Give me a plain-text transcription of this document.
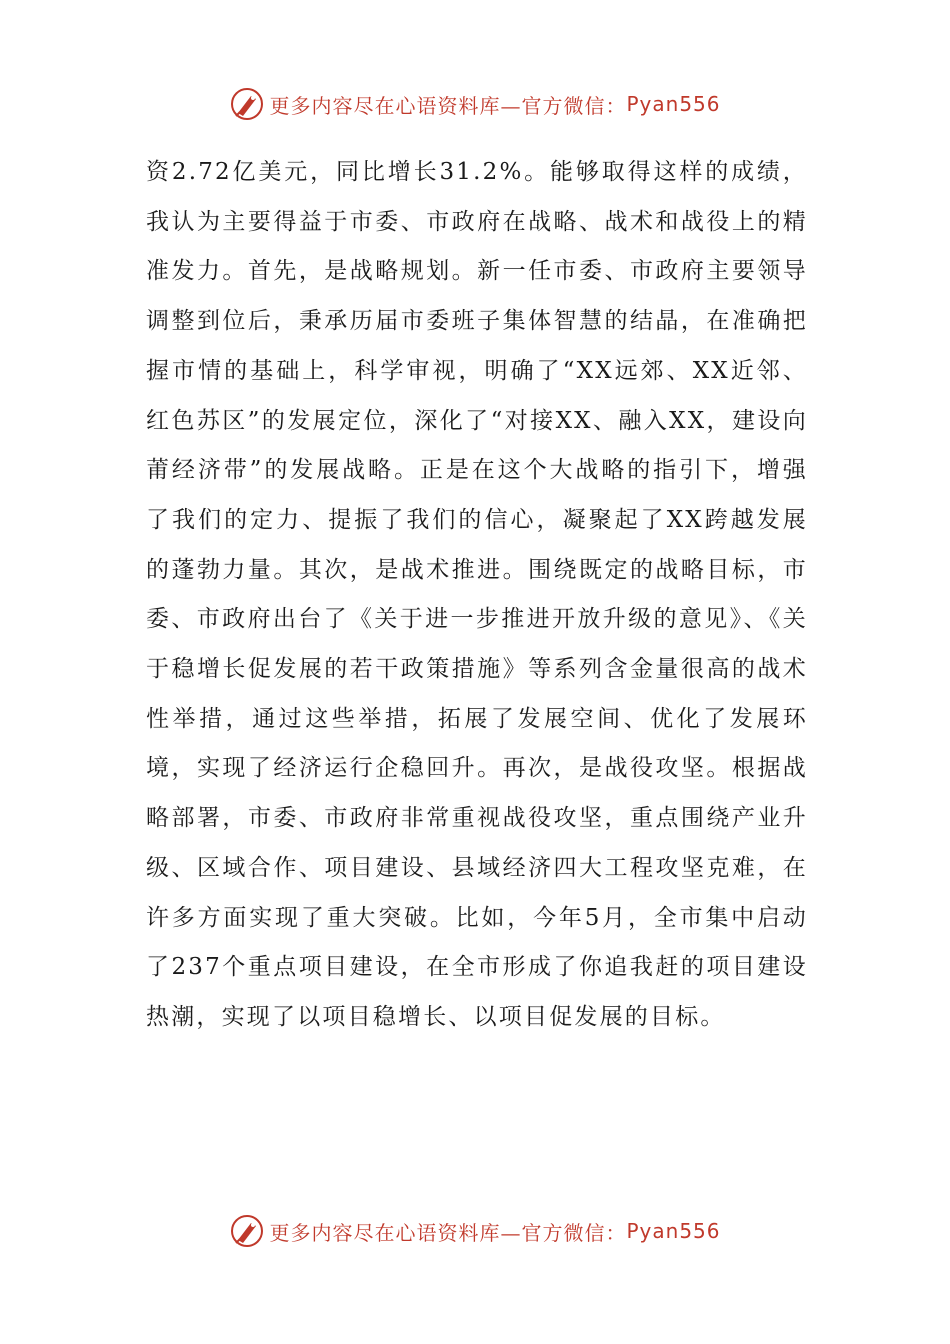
更多内容尽在心语资料库—官方微信： Pyan556

资2.72亿美元，同比增长31.2%。能够取得这样的成绩，我认为主要得益于市委、市政府在战略、战术和战役上的精准发力。首先，是战略规划。新一任市委、市政府主要领导调整到位后，秉承历届市委班子集体智慧的结晶，在准确把握市情的基础上，科学审视，明确了“XX远郊、XX近邻、红色苏区”的发展定位，深化了“对接XX、融入XX，建设向莆经济带”的发展战略。正是在这个大战略的指引下，增强了我们的定力、提振了我们的信心，凝聚起了XX跨越发展的蓬勃力量。其次，是战术推进。围绕既定的战略目标，市委、市政府出台了《关于进一步推进开放升级的意见》、《关于稳增长促发展的若干政策措施》等系列含金量很高的战术性举措，通过这些举措，拓展了发展空间、优化了发展环境，实现了经济运行企稳回升。再次，是战役攻坚。根据战略部署，市委、市政府非常重视战役攻坚，重点围绕产业升级、区域合作、项目建设、县域经济四大工程攻坚克难，在许多方面实现了重大突破。比如，今年5月，全市集中启动了237个重点项目建设，在全市形成了你追我赶的项目建设热潮，实现了以项目稳增长、以项目促发展的目标。

更多内容尽在心语资料库—官方微信： Pyan556
